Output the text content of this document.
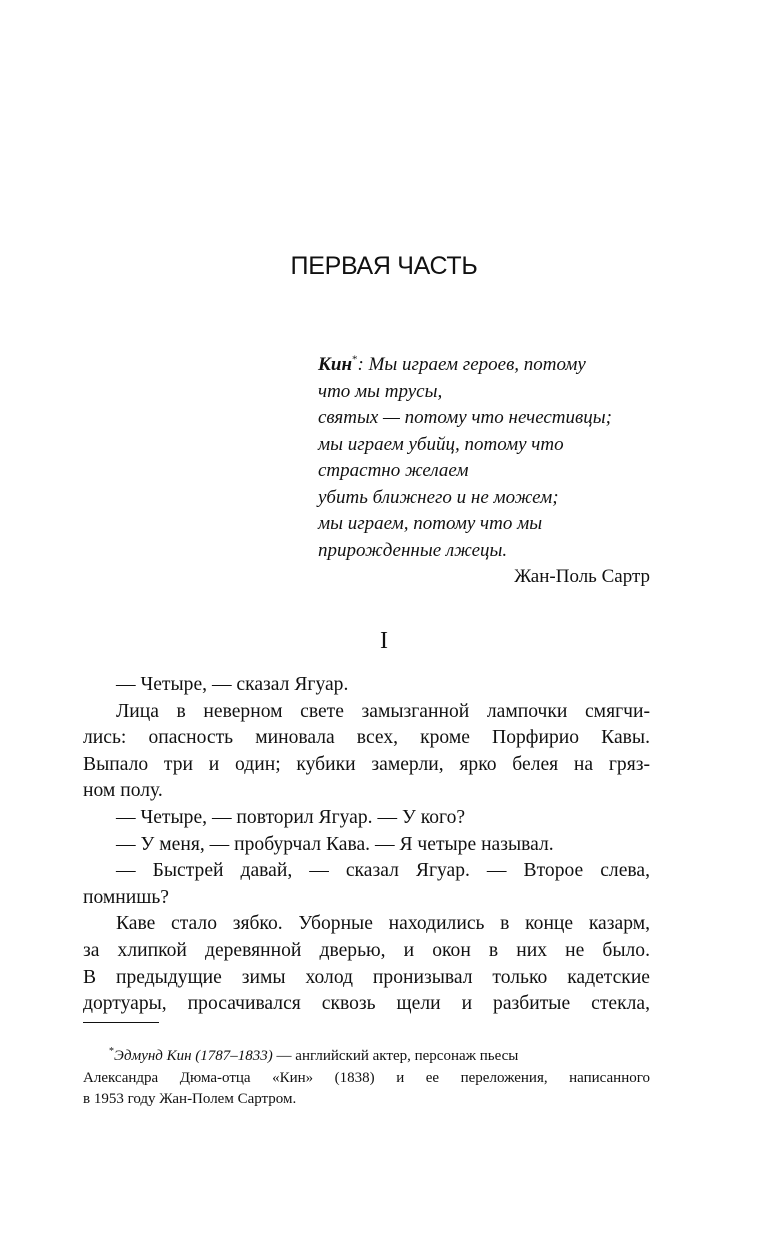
ПЕРВАЯ ЧАСТЬ
Кин*: Мы играем героев, потому
что мы трусы,
святых — потому что нечестивцы;
мы играем убийц, потому что
страстно желаем
убить ближнего и не можем;
мы играем, потому что мы
прирожденные лжецы.
Жан-Поль Сартр
I
— Четыре, — сказал Ягуар.
Лица в неверном свете замызганной лампочки смягчи-
лись: опасность миновала всех, кроме Порфирио Кавы.
Выпало три и один; кубики замерли, ярко белея на гряз-
ном полу.
— Четыре, — повторил Ягуар. — У кого?
— У меня, — пробурчал Кава. — Я четыре называл.
— Быстрей давай, — сказал Ягуар. — Второе слева,
помнишь?
Каве стало зябко. Уборные находились в конце казарм,
за хлипкой деревянной дверью, и окон в них не было.
В предыдущие зимы холод пронизывал только кадетские
дортуары, просачивался сквозь щели и разбитые стекла,
*Эдмунд Кин (1787–1833) — английский актер, персонаж пьесы
Александра Дюма-отца «Кин» (1838) и ее переложения, написанного
в 1953 году Жан-Полем Сартром.
